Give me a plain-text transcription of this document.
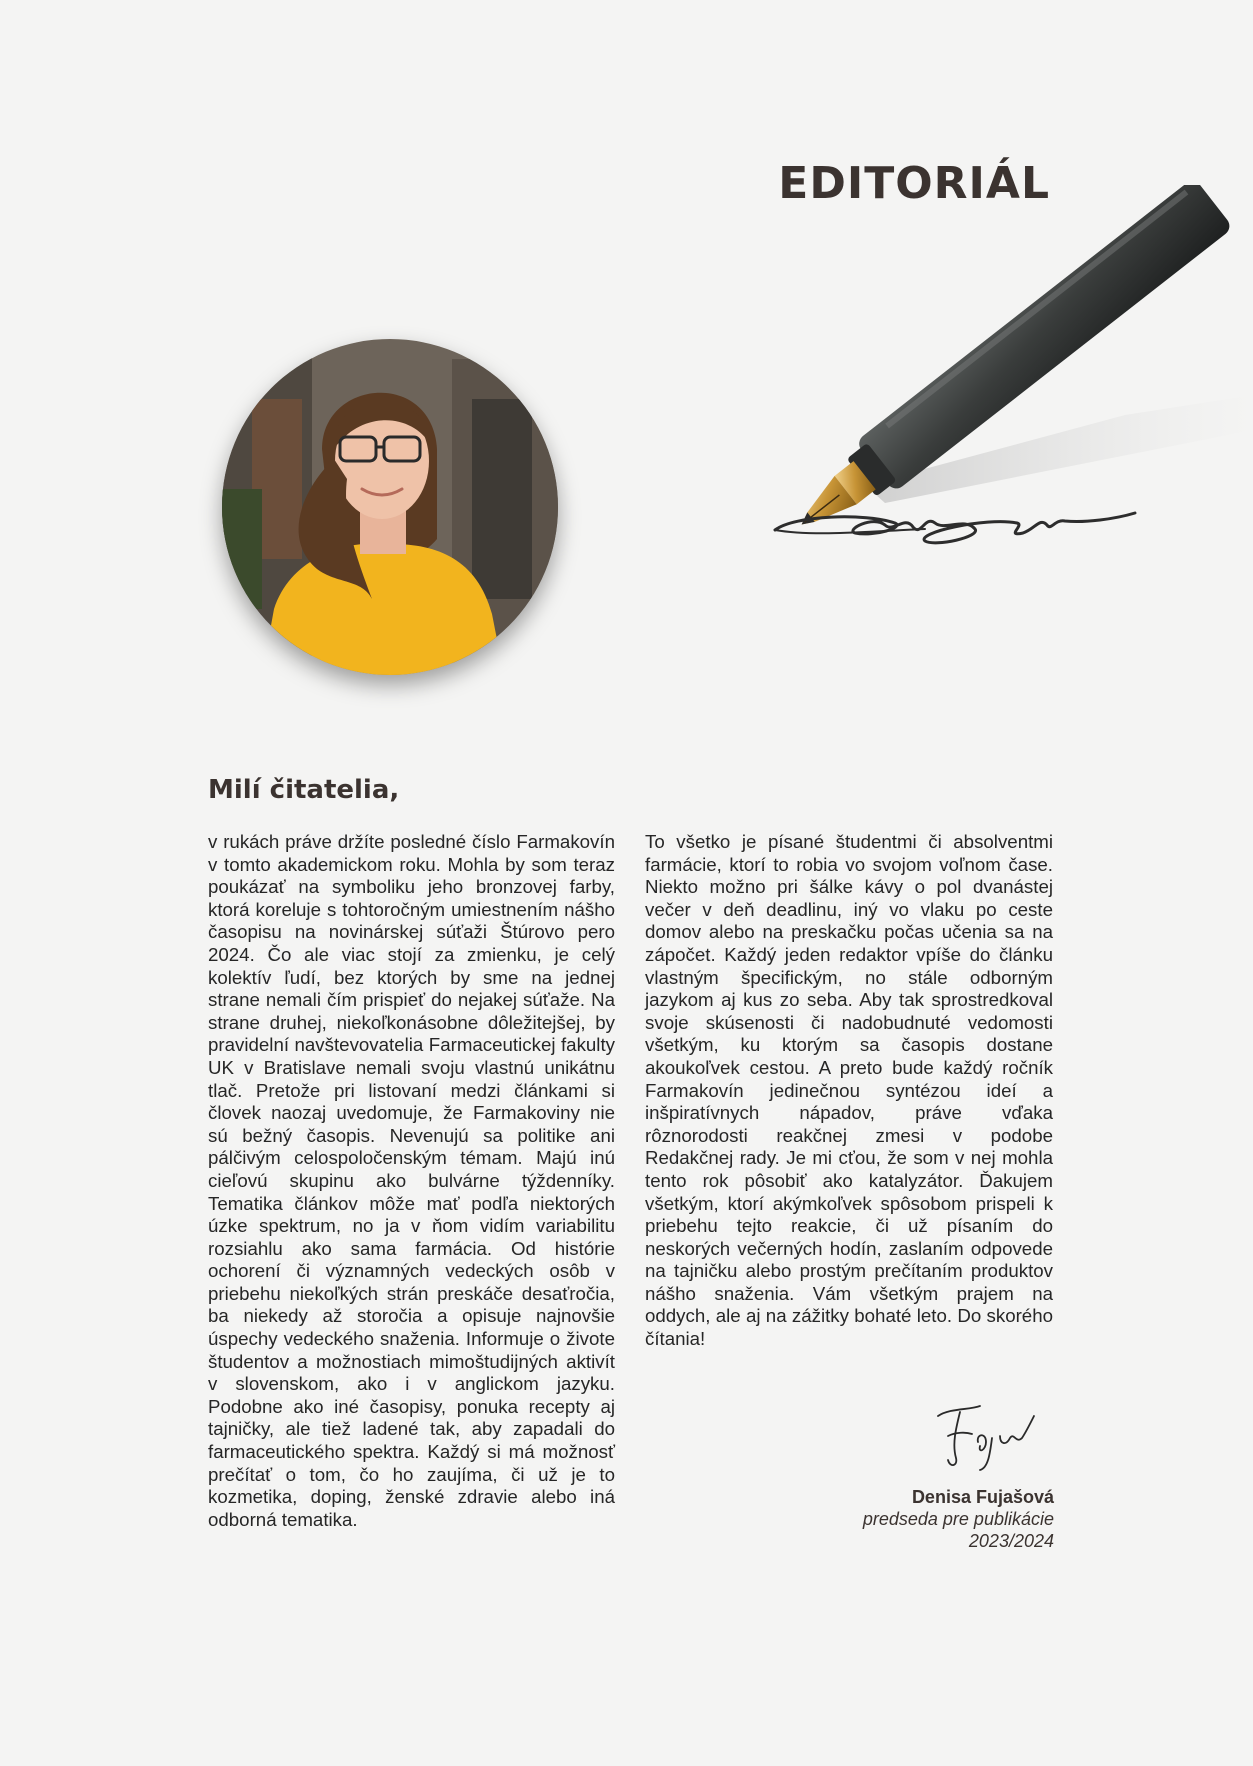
EDITORIÁL
Milí čitatelia,

v rukách práve držíte posledné číslo Farmakovín v tomto akademickom roku. Mohla by som teraz poukázať na symboliku jeho bronzovej farby, ktorá koreluje s tohtoročným umiestnením nášho časopisu na novinárskej súťaži Štúrovo pero 2024. Čo ale viac stojí za zmienku, je celý kolektív ľudí, bez ktorých by sme na jednej strane nemali čím prispieť do nejakej súťaže. Na strane druhej, niekoľkonásobne dôležitejšej, by pravidelní navštevovatelia Farmaceutickej fakulty UK v Bratislave nemali svoju vlastnú unikátnu tlač. Pretože pri listovaní medzi článkami si človek naozaj uvedomuje, že Farmakoviny nie sú bežný časopis. Nevenujú sa politike ani pálčivým celospoločenským témam. Majú inú cieľovú skupinu ako bulvárne týždenníky. Tematika článkov môže mať podľa niektorých úzke spektrum, no ja v ňom vidím variabilitu rozsiahlu ako sama farmácia. Od histórie ochorení či významných vedeckých osôb v priebehu niekoľkých strán preskáče desaťročia, ba niekedy až storočia a opisuje najnovšie úspechy vedeckého snaženia. Informuje o živote študentov a možnostiach mimoštudijných aktivít v slovenskom, ako i v anglickom jazyku. Podobne ako iné časopisy, ponuka recepty aj tajničky, ale tiež ladené tak, aby zapadali do farmaceutického spektra. Každý si má možnosť prečítať o tom, čo ho zaujíma, či už je to kozmetika, doping, ženské zdravie alebo iná odborná tematika.

To všetko je písané študentmi či absolventmi farmácie, ktorí to robia vo svojom voľnom čase. Niekto možno pri šálke kávy o pol dvanástej večer v deň deadlinu, iný vo vlaku po ceste domov alebo na preskačku počas učenia sa na zápočet. Každý jeden redaktor vpíše do článku vlastným špecifickým, no stále odborným jazykom aj kus zo seba. Aby tak sprostredkoval svoje skúsenosti či nadobudnuté vedomosti všetkým, ku ktorým sa časopis dostane akoukoľvek cestou. A preto bude každý ročník Farmakovín jedinečnou syntézou ideí a inšpiratívnych nápadov, práve vďaka rôznorodosti reakčnej zmesi v podobe Redakčnej rady. Je mi cťou, že som v nej mohla tento rok pôsobiť ako katalyzátor. Ďakujem všetkým, ktorí akýmkoľvek spôsobom prispeli k priebehu tejto reakcie, či už písaním do neskorých večerných hodín, zaslaním odpovede na tajničku alebo prostým prečítaním produktov nášho snaženia. Vám všetkým prajem na oddych, ale aj na zážitky bohaté leto. Do skorého čítania!

Denisa Fujašová
predseda pre publikácie
2023/2024
